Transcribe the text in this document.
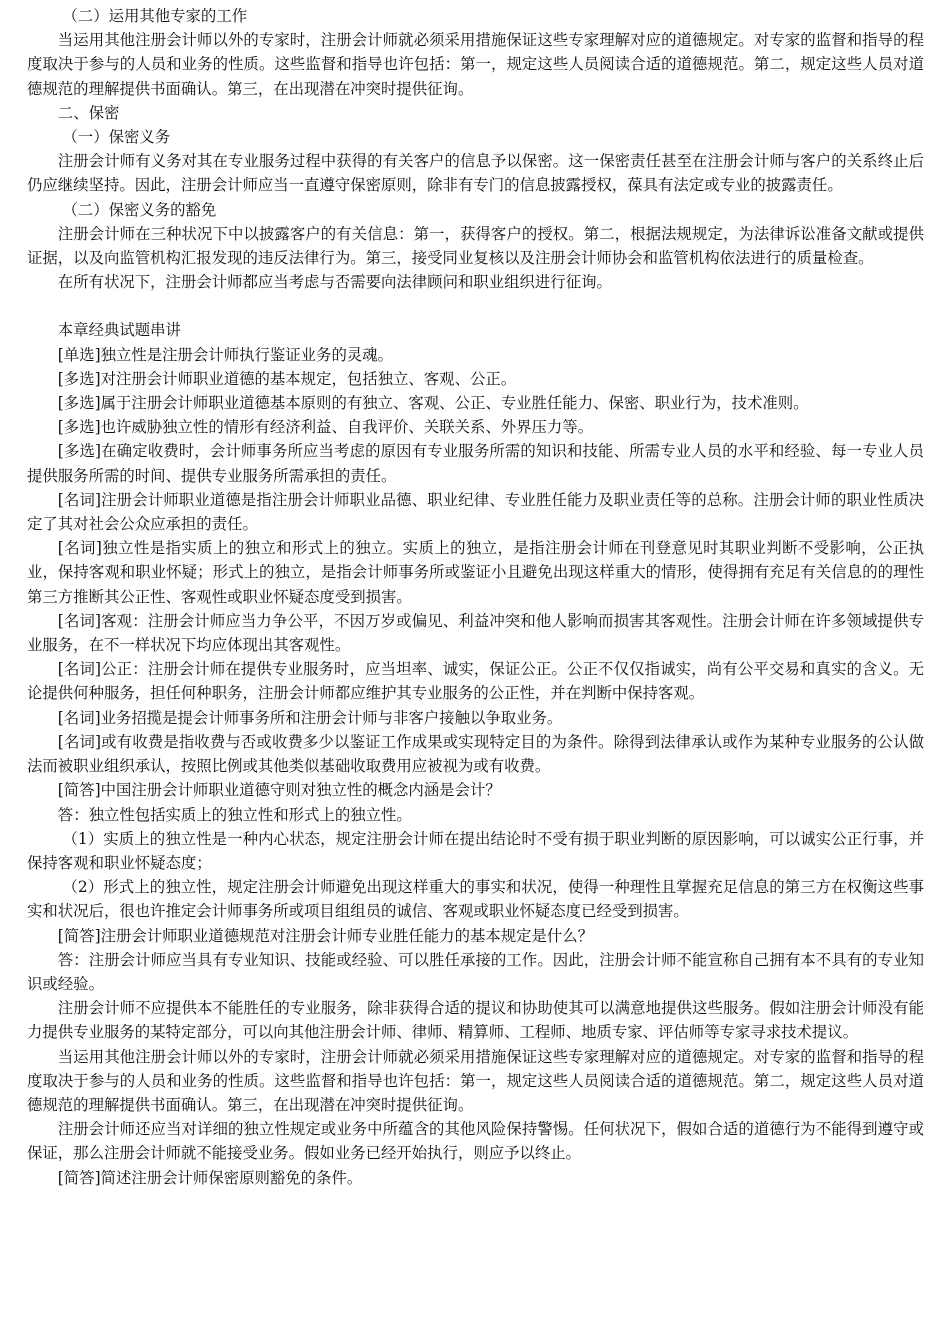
（二）运用其他专家的工作

当运用其他注册会计师以外的专家时，注册会计师就必须采用措施保证这些专家理解对应的道德规定。对专家的监督和指导的程度取决于参与的人员和业务的性质。这些监督和指导也许包括：第一，规定这些人员阅读合适的道德规范。第二，规定这些人员对道德规范的理解提供书面确认。第三，在出现潜在冲突时提供征询。

二、保密

（一）保密义务

注册会计师有义务对其在专业服务过程中获得的有关客户的信息予以保密。这一保密责任甚至在注册会计师与客户的关系终止后仍应继续坚持。因此，注册会计师应当一直遵守保密原则，除非有专门的信息披露授权，葆具有法定或专业的披露责任。

（二）保密义务的豁免

注册会计师在三种状况下中以披露客户的有关信息：第一，获得客户的授权。第二，根据法规规定，为法律诉讼准备文献或提供证据，以及向监管机构汇报发现的违反法律行为。第三，接受同业复核以及注册会计师协会和监管机构依法进行的质量检查。

在所有状况下，注册会计师都应当考虑与否需要向法律顾问和职业组织进行征询。

本章经典试题串讲

[单选]独立性是注册会计师执行鉴证业务的灵魂。

[多选]对注册会计师职业道德的基本规定，包括独立、客观、公正。

[多选]属于注册会计师职业道德基本原则的有独立、客观、公正、专业胜任能力、保密、职业行为，技术准则。

[多选]也许威胁独立性的情形有经济利益、自我评价、关联关系、外界压力等。

[多选]在确定收费时，会计师事务所应当考虑的原因有专业服务所需的知识和技能、所需专业人员的水平和经验、每一专业人员提供服务所需的时间、提供专业服务所需承担的责任。

[名词]注册会计师职业道德是指注册会计师职业品德、职业纪律、专业胜任能力及职业责任等的总称。注册会计师的职业性质决定了其对社会公众应承担的责任。

[名词]独立性是指实质上的独立和形式上的独立。实质上的独立，是指注册会计师在刊登意见时其职业判断不受影响，公正执业，保持客观和职业怀疑；形式上的独立，是指会计师事务所或鉴证小且避免出现这样重大的情形，使得拥有充足有关信息的的理性第三方推断其公正性、客观性或职业怀疑态度受到损害。

[名词]客观：注册会计师应当力争公平，不因万岁或偏见、利益冲突和他人影响而损害其客观性。注册会计师在许多领域提供专业服务，在不一样状况下均应体现出其客观性。

[名词]公正：注册会计师在提供专业服务时，应当坦率、诚实，保证公正。公正不仅仅指诚实，尚有公平交易和真实的含义。无论提供何种服务，担任何种职务，注册会计师都应维护其专业服务的公正性，并在判断中保持客观。

[名词]业务招揽是提会计师事务所和注册会计师与非客户接触以争取业务。

[名词]或有收费是指收费与否或收费多少以鉴证工作成果或实现特定目的为条件。除得到法律承认或作为某种专业服务的公认做法而被职业组织承认，按照比例或其他类似基础收取费用应被视为或有收费。

[简答]中国注册会计师职业道德守则对独立性的概念内涵是会计？

答：独立性包括实质上的独立性和形式上的独立性。

（1）实质上的独立性是一种内心状态，规定注册会计师在提出结论时不受有损于职业判断的原因影响，可以诚实公正行事，并保持客观和职业怀疑态度；

（2）形式上的独立性，规定注册会计师避免出现这样重大的事实和状况，使得一种理性且掌握充足信息的第三方在权衡这些事实和状况后，很也许推定会计师事务所或项目组组员的诚信、客观或职业怀疑态度已经受到损害。

[简答]注册会计师职业道德规范对注册会计师专业胜任能力的基本规定是什么？

答：注册会计师应当具有专业知识、技能或经验、可以胜任承接的工作。因此，注册会计师不能宣称自己拥有本不具有的专业知识或经验。

注册会计师不应提供本不能胜任的专业服务，除非获得合适的提议和协助使其可以满意地提供这些服务。假如注册会计师没有能力提供专业服务的某特定部分，可以向其他注册会计师、律师、精算师、工程师、地质专家、评估师等专家寻求技术提议。

当运用其他注册会计师以外的专家时，注册会计师就必须采用措施保证这些专家理解对应的道德规定。对专家的监督和指导的程度取决于参与的人员和业务的性质。这些监督和指导也许包括：第一，规定这些人员阅读合适的道德规范。第二，规定这些人员对道德规范的理解提供书面确认。第三，在出现潜在冲突时提供征询。

注册会计师还应当对详细的独立性规定或业务中所蕴含的其他风险保持警惕。任何状况下，假如合适的道德行为不能得到遵守或保证，那么注册会计师就不能接受业务。假如业务已经开始执行，则应予以终止。

[简答]简述注册会计师保密原则豁免的条件。
